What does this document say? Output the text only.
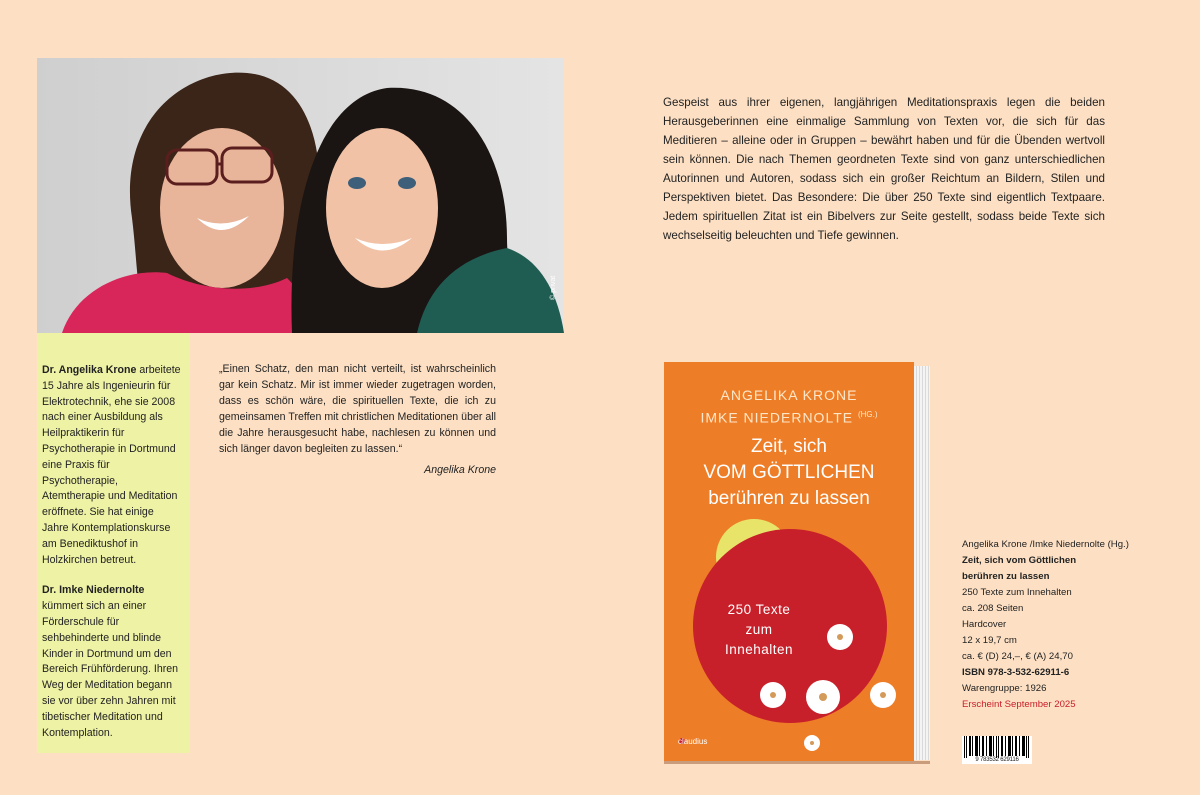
© privat

Dr. Angelika Krone arbeitete 15 Jahre als Ingenieurin für Elektrotechnik, ehe sie 2008 nach einer Ausbildung als Heilpraktikerin für Psychotherapie in Dortmund eine Praxis für Psychotherapie, Atemtherapie und Meditation eröffnete. Sie hat einige Jahre Kontemplationskurse am Benediktushof in Holzkirchen betreut.

Dr. Imke Niedernolte kümmert sich an einer Förderschule für sehbehinderte und blinde Kinder in Dortmund um den Bereich Frühförderung. Ihren Weg der Meditation begann sie vor über zehn Jahren mit tibetischer Meditation und Kontemplation.

„Einen Schatz, den man nicht verteilt, ist wahrscheinlich gar kein Schatz. Mir ist immer wieder zugetragen worden, dass es schön wäre, die spirituellen Texte, die ich zu gemeinsamen Treffen mit christlichen Meditationen über all die Jahre herausgesucht habe, nachlesen zu können und sich länger davon begleiten zu lassen.“
Angelika Krone
Gespeist aus ihrer eigenen, langjährigen Meditationspraxis legen die beiden Herausgeberinnen eine einmalige Sammlung von Texten vor, die sich für das Meditieren – alleine oder in Gruppen – bewährt haben und für die Übenden wertvoll sein können. Die nach Themen geordneten Texte sind von ganz unterschiedlichen Autorinnen und Autoren, sodass sich ein großer Reichtum an Bildern, Stilen und Perspektiven bietet. Das Besondere: Die über 250 Texte sind eigentlich Textpaare. Jedem spirituellen Zitat ist ein Bibelvers zur Seite gestellt, sodass beide Texte sich wechselseitig beleuchten und Tiefe gewinnen.
ANGELIKA KRONE
IMKE NIEDERNOLTE $^{(HG.)}$
Zeit, sich
VOM GÖTTLICHEN
berühren zu lassen
250 Texte
zum
Innehalten
claudius
Angelika Krone /Imke Niedernolte (Hg.)
Zeit, sich vom Göttlichen
berühren zu lassen
250 Texte zum Innehalten
ca. 208 Seiten
Hardcover
12 x 19,7 cm
ca. € (D) 24,–, € (A) 24,70
ISBN 978-3-532-62911-6
Warengruppe: 1926
Erscheint September 2025
9 783532 629116
